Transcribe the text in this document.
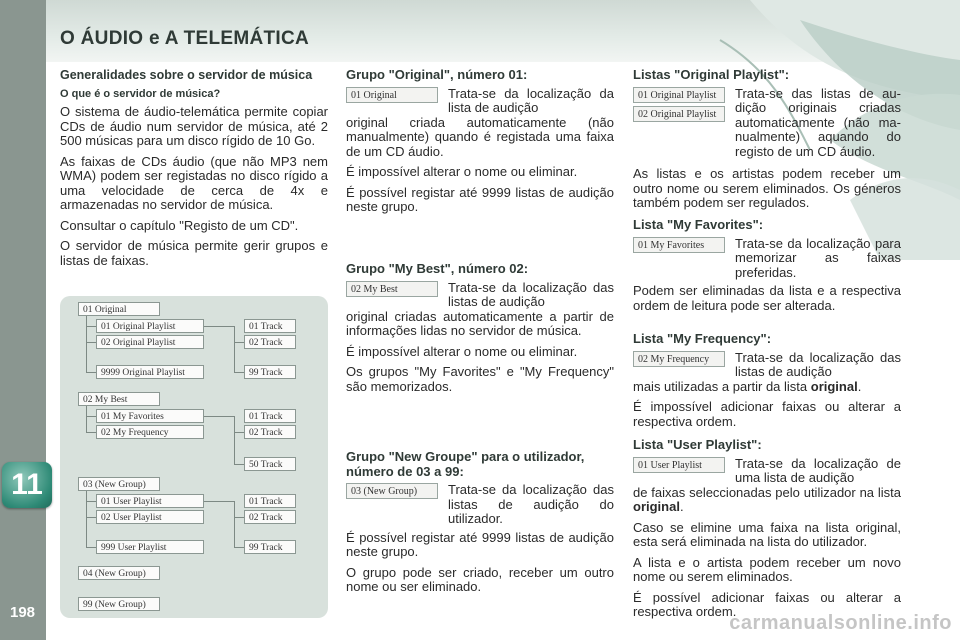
O ÁUDIO e A TELEMÁTICA
11
198
Generalidades sobre o servidor de música
O que é o servidor de música?

O sistema de áudio-telemática permite copiar CDs de áudio num servidor de música, até 2 500 músicas para um disco rígido de 10 Go.

As faixas de CDs áudio (que não MP3 nem WMA) podem ser registadas no disco rígido a uma velocidade de cerca de 4x e armazenadas no servidor de música.

Consultar o capítulo "Registo de um CD".

O servidor de música permite gerir grupos e listas de faixas.

01 Original
01 Original Playlist
02 Original Playlist
9999 Original Playlist
01 Track
02 Track
99 Track
02 My Best
01 My Favorites
02 My Frequency
01 Track
02 Track
50 Track
03 (New Group)
01 User Playlist
02 User Playlist
999 User Playlist
01 Track
02 Track
99 Track
04 (New Group)
99 (New Group)
Grupo "Original", número 01:
01 Original	Trata-se da localização da lista de audição

original criada automaticamente (não manualmente) quando é registada uma faixa de um CD áudio.

É impossível alterar o nome ou eliminar.

É possível registar até 9999 listas de audição neste grupo.

Grupo "My Best", número 02:
02 My Best	Trata-se da localização das listas de audição

original criadas automaticamente a partir de informações lidas no servidor de música.

É impossível alterar o nome ou eliminar.

Os grupos "My Favorites" e "My Frequency" são memorizados.

Grupo "New Groupe" para o utilizador, número de 03 a 99:
03 (New Group)	Trata-se da localização das listas de audição do utilizador.

É possível registar até 9999 listas de audição neste grupo.

O grupo pode ser criado, receber um outro nome ou ser eliminado.

Listas "Original Playlist":
01 Original Playlist
02 Original Playlist
Trata-se das listas de audição originais criadas automaticamente (não manualmente) aquando do registo de um CD áudio.

As listas e os artistas podem receber um outro nome ou serem eliminados. Os géneros também podem ser regulados.

Lista "My Favorites":
01 My Favorites	Trata-se da localização para memorizar as faixas preferidas.

Podem ser eliminadas da lista e a respectiva ordem de leitura pode ser alterada.

Lista "My Frequency":
02 My Frequency	Trata-se da localização das listas de audição

mais utilizadas a partir da lista original.

É impossível adicionar faixas ou alterar a respectiva ordem.

Lista "User Playlist":
01 User Playlist	Trata-se da localização de uma lista de audição

de faixas seleccionadas pelo utilizador na lista original.

Caso se elimine uma faixa na lista original, esta será eliminada na lista do utilizador.

A lista e o artista podem receber um novo nome ou serem eliminados.

É possível adicionar faixas ou alterar a respectiva ordem.

carmanualsonline.info
